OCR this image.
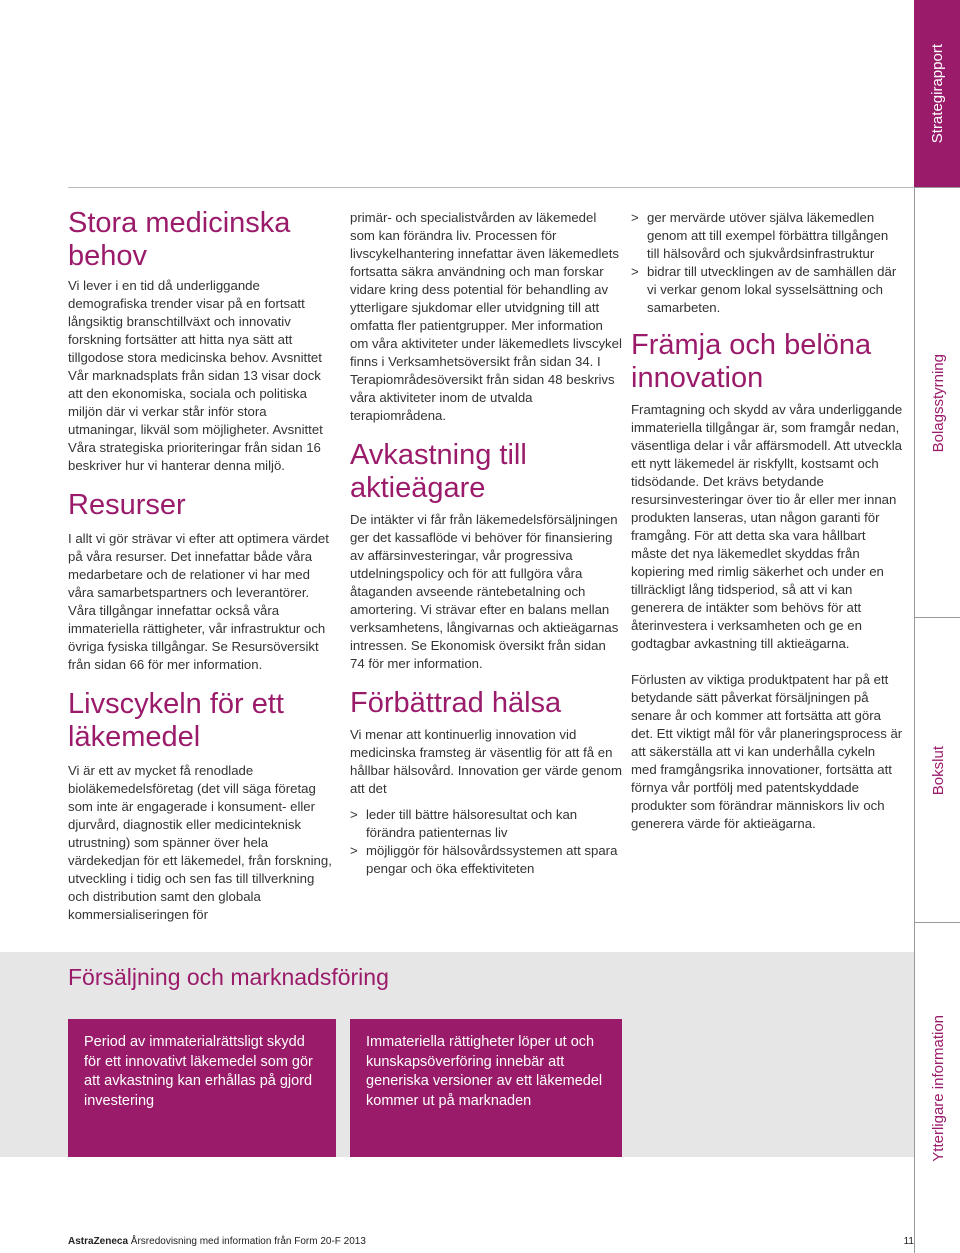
Strategirapport
Bolagsstyrning
Bokslut
Ytterligare information
Stora medicinska behov

Vi lever i en tid då underliggande demografiska trender visar på en fortsatt långsiktig branschtillväxt och innovativ forskning fortsätter att hitta nya sätt att tillgodose stora medicinska behov. Avsnittet Vår marknadsplats från sidan 13 visar dock att den ekonomiska, sociala och politiska miljön där vi verkar står inför stora utmaningar, likväl som möjligheter. Avsnittet Våra strategiska prioriteringar från sidan 16 beskriver hur vi hanterar denna miljö.

Resurser

I allt vi gör strävar vi efter att optimera värdet på våra resurser. Det innefattar både våra medarbetare och de relationer vi har med våra samarbetspartners och leverantörer. Våra tillgångar innefattar också våra immateriella rättigheter, vår infrastruktur och övriga fysiska tillgångar. Se Resursöversikt från sidan 66 för mer information.

Livscykeln för ett läkemedel

Vi är ett av mycket få renodlade bioläkemedelsföretag (det vill säga företag som inte är engagerade i konsument- eller djurvård, diagnostik eller medicinteknisk utrustning) som spänner över hela värdekedjan för ett läkemedel, från forskning, utveckling i tidig och sen fas till tillverkning och distribution samt den globala kommersialiseringen för

primär- och specialistvården av läkemedel som kan förändra liv. Processen för livscykelhantering innefattar även läkemedlets fortsatta säkra användning och man forskar vidare kring dess potential för behandling av ytterligare sjukdomar eller utvidgning till att omfatta fler patientgrupper. Mer information om våra aktiviteter under läkemedlets livscykel finns i Verksamhetsöversikt från sidan 34. I Terapiområdesöversikt från sidan 48 beskrivs våra aktiviteter inom de utvalda terapiområdena.

Avkastning till aktieägare

De intäkter vi får från läkemedelsförsäljningen ger det kassaflöde vi behöver för finansiering av affärsinvesteringar, vår progressiva utdelningspolicy och för att fullgöra våra åtaganden avseende räntebetalning och amortering. Vi strävar efter en balans mellan verksamhetens, långivarnas och aktieägarnas intressen. Se Ekonomisk översikt från sidan 74 för mer information.

Förbättrad hälsa

Vi menar att kontinuerlig innovation vid medicinska framsteg är väsentlig för att få en hållbar hälsovård. Innovation ger värde genom att det

> leder till bättre hälsoresultat och kan förändra patienternas liv
> möjliggör för hälsovårdssystemen att spara pengar och öka effektiviteten
> ger mervärde utöver själva läkemedlen genom att till exempel förbättra tillgången till hälsovård och sjukvårdsinfrastruktur
> bidrar till utvecklingen av de samhällen där vi verkar genom lokal sysselsättning och samarbeten.
Främja och belöna innovation

Framtagning och skydd av våra underliggande immateriella tillgångar är, som framgår nedan, väsentliga delar i vår affärsmodell. Att utveckla ett nytt läkemedel är riskfyllt, kostsamt och tidsödande. Det krävs betydande resursinvesteringar över tio år eller mer innan produkten lanseras, utan någon garanti för framgång. För att detta ska vara hållbart måste det nya läkemedlet skyddas från kopiering med rimlig säkerhet och under en tillräckligt lång tidsperiod, så att vi kan generera de intäkter som behövs för att återinvestera i verksamheten och ge en godtagbar avkastning till aktieägarna.

Förlusten av viktiga produktpatent har på ett betydande sätt påverkat försäljningen på senare år och kommer att fortsätta att göra det. Ett viktigt mål för vår planeringsprocess är att säkerställa att vi kan underhålla cykeln med framgångsrika innovationer, fortsätta att förnya vår portfölj med patentskyddade produkter som förändrar människors liv och generera värde för aktieägarna.

Försäljning och marknadsföring
Period av immaterialrättsligt skydd för ett innovativt läkemedel som gör att avkastning kan erhållas på gjord investering
Immateriella rättigheter löper ut och kunskapsöverföring innebär att generiska versioner av ett läkemedel kommer ut på marknaden
AstraZeneca Årsredovisning med information från Form 20-F 2013	11
